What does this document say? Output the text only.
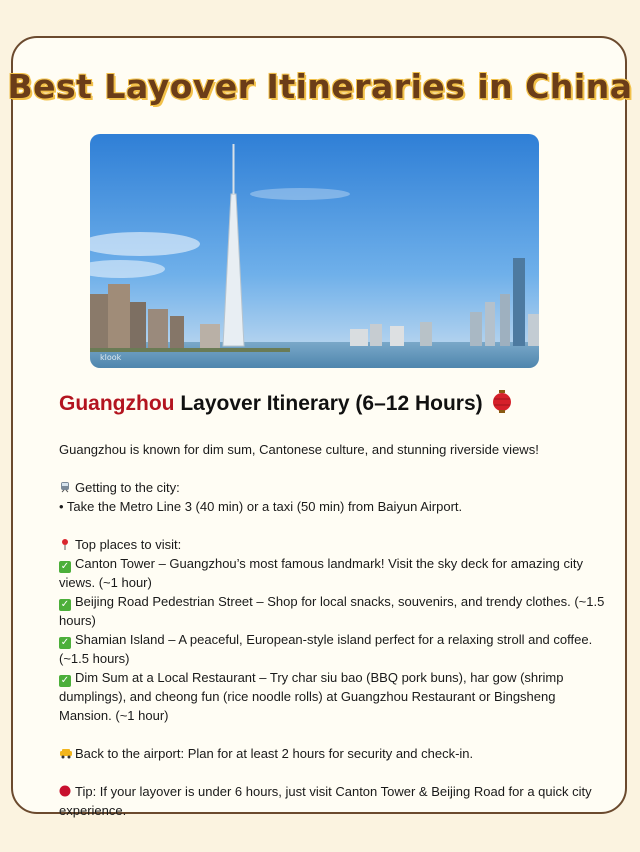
Best Layover Itineraries in China
klook
Guangzhou Layover Itinerary (6–12 Hours)

Guangzhou is known for dim sum, Cantonese culture, and stunning riverside views!

Getting to the city:

• Take the Metro Line 3 (40 min) or a taxi (50 min) from Baiyun Airport.

Top places to visit:

✓ Canton Tower – Guangzhou’s most famous landmark! Visit the sky deck for amazing city views. (~1 hour)

✓ Beijing Road Pedestrian Street – Shop for local snacks, souvenirs, and trendy clothes. (~1.5 hours)

✓ Shamian Island – A peaceful, European-style island perfect for a relaxing stroll and coffee. (~1.5 hours)

✓ Dim Sum at a Local Restaurant – Try char siu bao (BBQ pork buns), har gow (shrimp dumplings), and cheong fun (rice noodle rolls) at Guangzhou Restaurant or Bingsheng Mansion. (~1 hour)

Back to the airport: Plan for at least 2 hours for security and check-in.

Tip: If your layover is under 6 hours, just visit Canton Tower & Beijing Road for a quick city experience.
